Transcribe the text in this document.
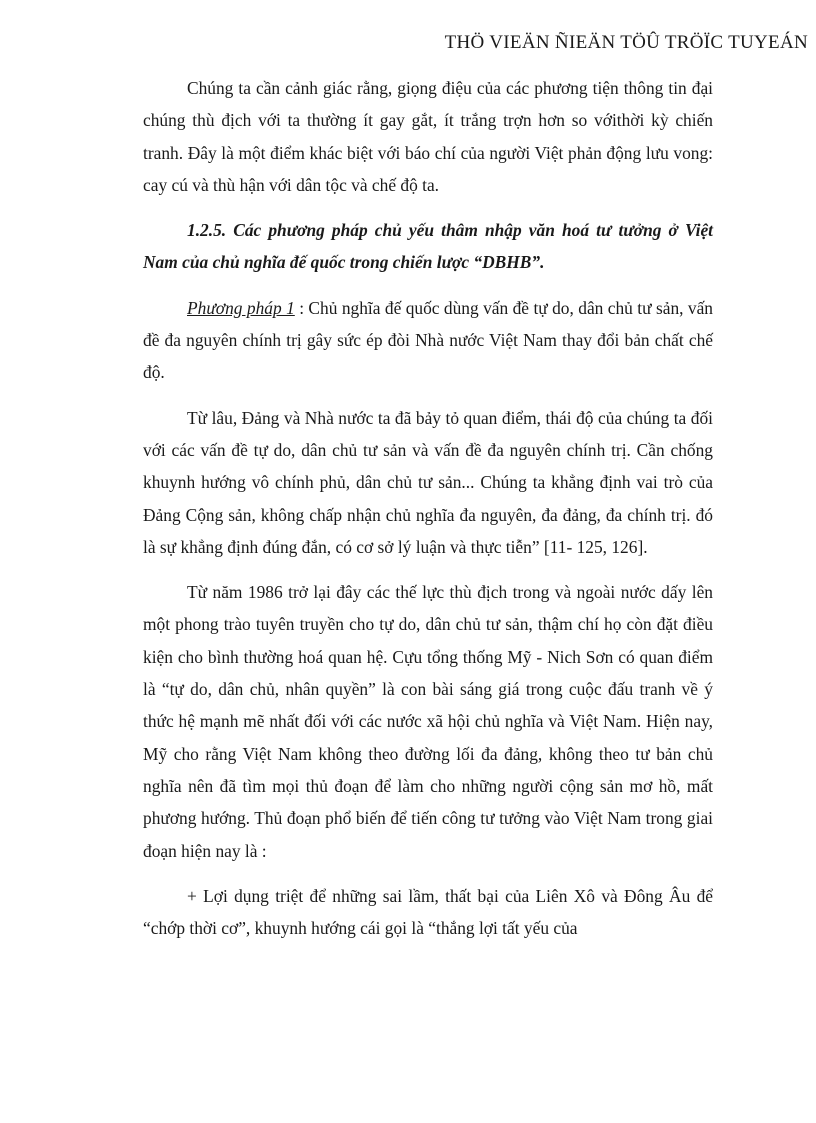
THÖ VIEÄN ÑIEÄN TÖÛ TRÖÏC TUYEÁN

Chúng ta cần cảnh giác rằng, giọng điệu của các phương tiện thông tin đại chúng thù địch với ta thường ít gay gắt, ít trắng trợn hơn so vớithời kỳ chiến tranh. Đây là một điểm khác biệt với báo chí của người Việt phản động lưu vong: cay cú và thù hận với dân tộc và chế độ ta.

1.2.5. Các phương pháp chủ yếu thâm nhập văn hoá tư tưởng ở Việt Nam của chủ nghĩa đế quốc trong chiến lược “DBHB”.

Phương pháp 1 : Chủ nghĩa đế quốc dùng vấn đề tự do, dân chủ tư sản, vấn đề đa nguyên chính trị gây sức ép đòi Nhà nước Việt Nam thay đổi bản chất chế độ.

Từ lâu, Đảng và Nhà nước ta đã bảy tỏ quan điểm, thái độ của chúng ta đối với các vấn đề tự do, dân chủ tư sản và vấn đề đa nguyên chính trị. Cần chống khuynh hướng vô chính phủ, dân chủ tư sản... Chúng ta khẳng định vai trò của Đảng Cộng sản, không chấp nhận chủ nghĩa đa nguyên, đa đảng, đa chính trị. đó là sự khẳng định đúng đắn, có cơ sở lý luận và thực tiễn” [11- 125, 126].

Từ năm 1986 trở lại đây các thế lực thù địch trong và ngoài nước dấy lên một phong trào tuyên truyền cho tự do, dân chủ tư sản, thậm chí họ còn đặt điều kiện cho bình thường hoá quan hệ. Cựu tổng thống Mỹ - Nich Sơn có quan điểm là “tự do, dân chủ, nhân quyền” là con bài sáng giá trong cuộc đấu tranh về ý thức hệ mạnh mẽ nhất đối với các nước xã hội chủ nghĩa và Việt Nam. Hiện nay, Mỹ cho rằng Việt Nam không theo đường lối đa đảng, không theo tư bản chủ nghĩa nên đã tìm mọi thủ đoạn để làm cho những người cộng sản mơ hồ, mất phương hướng. Thủ đoạn phổ biến để tiến công tư tưởng vào Việt Nam trong giai đoạn hiện nay là :

+ Lợi dụng triệt để những sai lầm, thất bại của Liên Xô và Đông Âu để “chớp thời cơ”, khuynh hướng cái gọi là “thắng lợi tất yếu của
